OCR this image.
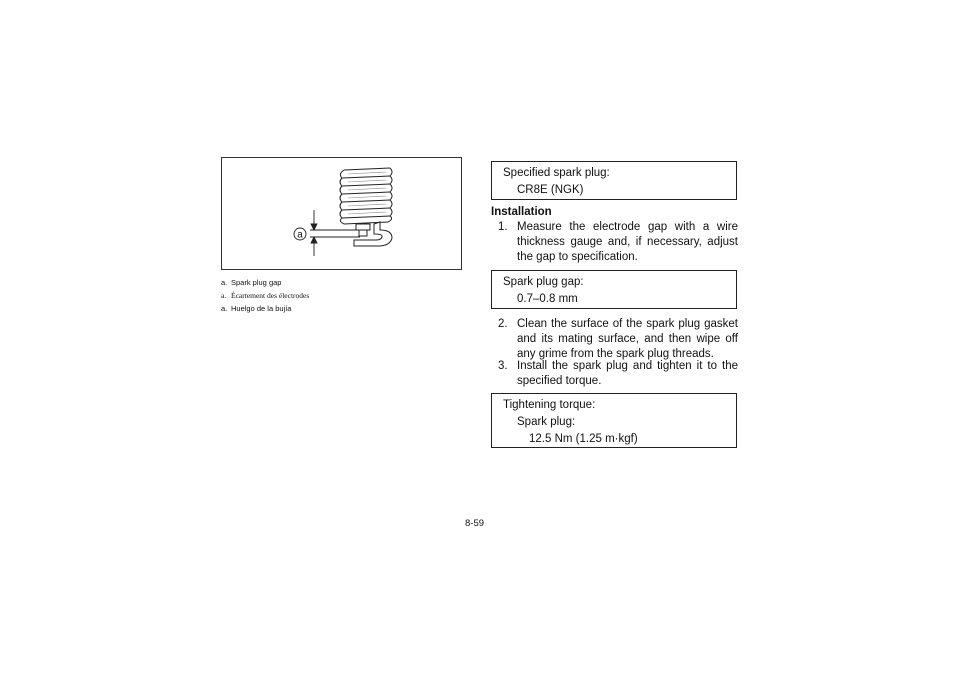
a

a. Spark plug gap

a. Écartement des électrodes

a. Huelgo de la bujía

Specified spark plug:
CR8E (NGK)

Installation

1. Measure the electrode gap with a wire thickness gauge and, if necessary, adjust the gap to specification.
Spark plug gap:
0.7–0.8 mm
2. Clean the surface of the spark plug gasket and its mating surface, and then wipe off any grime from the spark plug threads.
3. Install the spark plug and tighten it to the specified torque.
Tightening torque:
Spark plug:
12.5 Nm (1.25 m·kgf)
8-59
